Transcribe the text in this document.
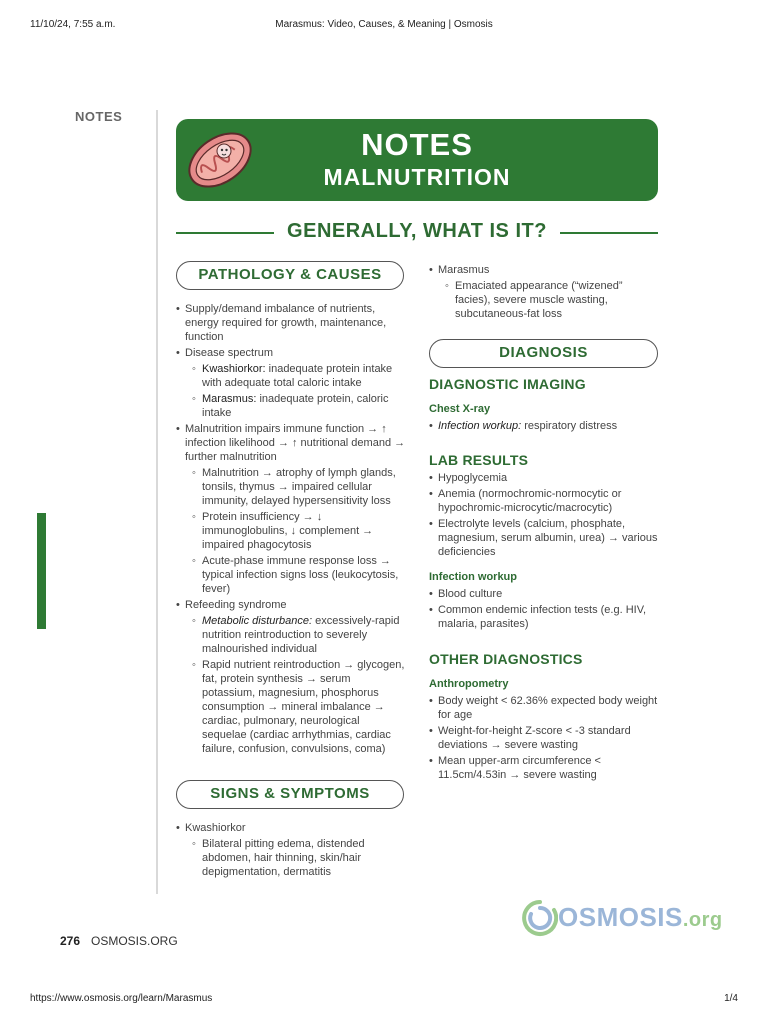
11/10/24, 7:55 a.m.	Marasmus: Video, Causes, & Meaning | Osmosis
NOTES
NOTES
MALNUTRITION
GENERALLY, WHAT IS IT?
PATHOLOGY & CAUSES
• Supply/demand imbalance of nutrients, energy required for growth, maintenance, function
• Disease spectrum
◦ Kwashiorkor: inadequate protein intake with adequate total caloric intake
◦ Marasmus: inadequate protein, caloric intake
• Malnutrition impairs immune function → ↑ infection likelihood → ↑ nutritional demand → further malnutrition
◦ Malnutrition → atrophy of lymph glands, tonsils, thymus → impaired cellular immunity, delayed hypersensitivity loss
◦ Protein insufficiency → ↓ immunoglobulins, ↓ complement → impaired phagocytosis
◦ Acute-phase immune response loss → typical infection signs loss (leukocytosis, fever)
• Refeeding syndrome
◦ Metabolic disturbance: excessively-rapid nutrition reintroduction to severely malnourished individual
◦ Rapid nutrient reintroduction → glycogen, fat, protein synthesis → serum potassium, magnesium, phosphorus consumption → mineral imbalance → cardiac, pulmonary, neurological sequelae (cardiac arrhythmias, cardiac failure, confusion, convulsions, coma)
SIGNS & SYMPTOMS
• Kwashiorkor
◦ Bilateral pitting edema, distended abdomen, hair thinning, skin/hair depigmentation, dermatitis
• Marasmus
◦ Emaciated appearance (“wizened” facies), severe muscle wasting, subcutaneous-fat loss
DIAGNOSIS
DIAGNOSTIC IMAGING
Chest X-ray
• Infection workup: respiratory distress
LAB RESULTS
• Hypoglycemia
• Anemia (normochromic-normocytic or hypochromic-microcytic/macrocytic)
• Electrolyte levels (calcium, phosphate, magnesium, serum albumin, urea) → various deficiencies
Infection workup
• Blood culture
• Common endemic infection tests (e.g. HIV, malaria, parasites)
OTHER DIAGNOSTICS
Anthropometry
• Body weight < 62.36% expected body weight for age
• Weight-for-height Z-score < -3 standard deviations → severe wasting
• Mean upper-arm circumference < 11.5cm/4.53in → severe wasting
276 OSMOSIS.ORG
OSMOSIS.org
https://www.osmosis.org/learn/Marasmus	1/4
